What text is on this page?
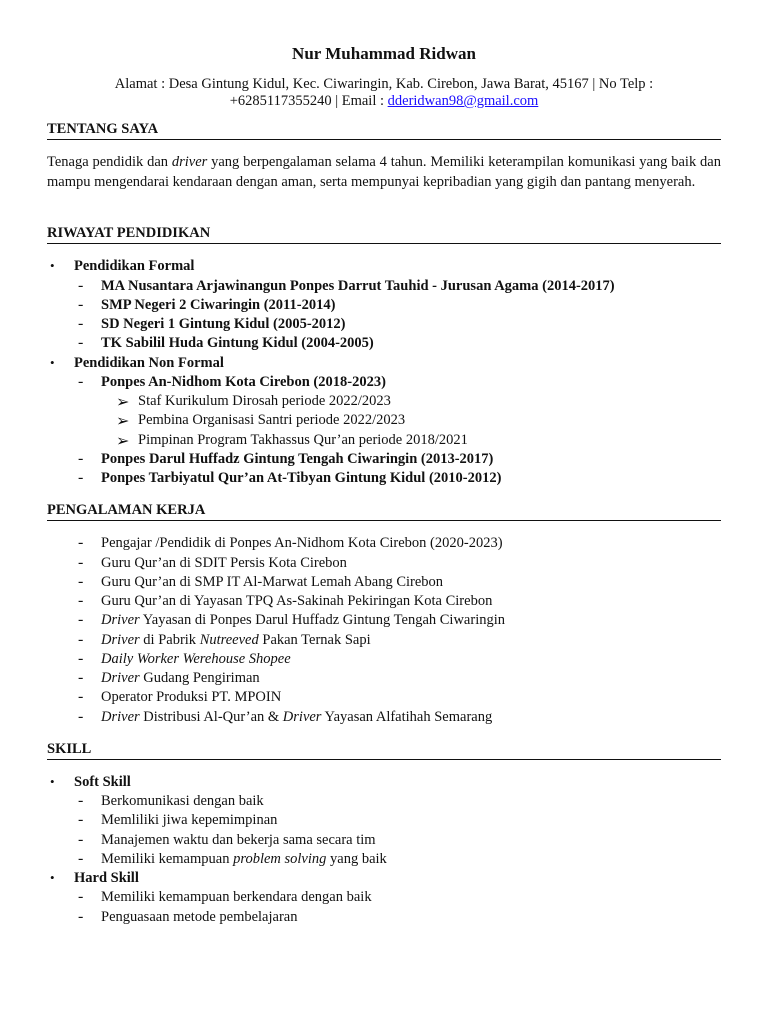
Nur Muhammad Ridwan
Alamat : Desa Gintung Kidul, Kec. Ciwaringin, Kab. Cirebon, Jawa Barat, 45167 | No Telp :
+6285117355240 | Email : dderidwan98@gmail.com
TENTANG SAYA
Tenaga pendidik dan driver yang berpengalaman selama 4 tahun. Memiliki keterampilan komunikasi yang baik dan mampu mengendarai kendaraan dengan aman, serta mempunyai kepribadian yang gigih dan pantang menyerah.
RIWAYAT PENDIDIKAN
• Pendidikan Formal
- MA Nusantara Arjawinangun Ponpes Darrut Tauhid - Jurusan Agama (2014-2017)
- SMP Negeri 2 Ciwaringin (2011-2014)
- SD Negeri 1 Gintung Kidul (2005-2012)
- TK Sabilil Huda Gintung Kidul (2004-2005)
• Pendidikan Non Formal
- Ponpes An-Nidhom Kota Cirebon (2018-2023)
➢ Staf Kurikulum Dirosah periode 2022/2023
➢ Pembina Organisasi Santri periode 2022/2023
➢ Pimpinan Program Takhassus Qur’an periode 2018/2021
- Ponpes Darul Huffadz Gintung Tengah Ciwaringin (2013-2017)
- Ponpes Tarbiyatul Qur’an At-Tibyan Gintung Kidul (2010-2012)
PENGALAMAN KERJA
- Pengajar /Pendidik di Ponpes An-Nidhom Kota Cirebon (2020-2023)
- Guru Qur’an di SDIT Persis Kota Cirebon
- Guru Qur’an di SMP IT Al-Marwat Lemah Abang Cirebon
- Guru Qur’an di Yayasan TPQ As-Sakinah Pekiringan Kota Cirebon
- Driver Yayasan di Ponpes Darul Huffadz Gintung Tengah Ciwaringin
- Driver di Pabrik Nutreeved Pakan Ternak Sapi
- Daily Worker Werehouse Shopee
- Driver Gudang Pengiriman
- Operator Produksi PT. MPOIN
- Driver Distribusi Al-Qur’an & Driver Yayasan Alfatihah Semarang
SKILL
• Soft Skill
- Berkomunikasi dengan baik
- Memliliki jiwa kepemimpinan
- Manajemen waktu dan bekerja sama secara tim
- Memiliki kemampuan problem solving yang baik
• Hard Skill
- Memiliki kemampuan berkendara dengan baik
- Penguasaan metode pembelajaran
